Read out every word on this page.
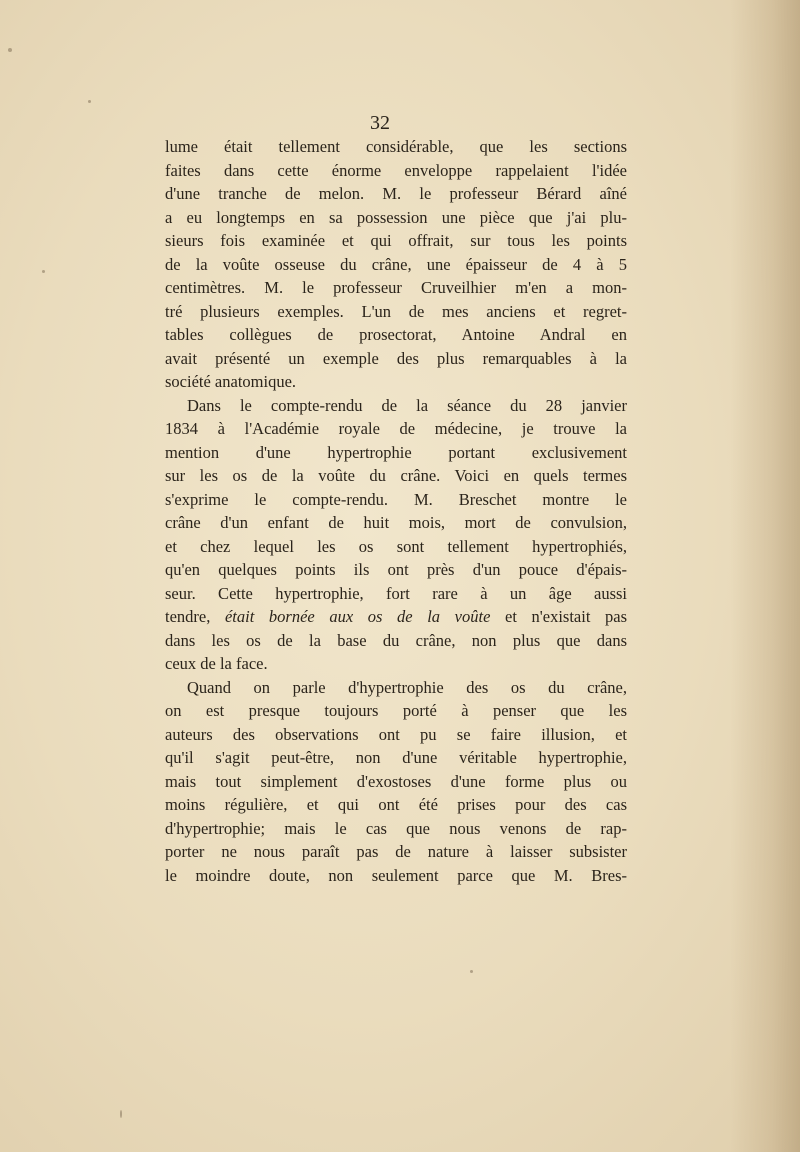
32
lume était tellement considérable, que les sections
faites dans cette énorme enveloppe rappelaient l'idée
d'une tranche de melon. M. le professeur Bérard aîné
a eu longtemps en sa possession une pièce que j'ai plu-
sieurs fois examinée et qui offrait, sur tous les points
de la voûte osseuse du crâne, une épaisseur de 4 à 5
centimètres. M. le professeur Cruveilhier m'en a mon-
tré plusieurs exemples. L'un de mes anciens et regret-
tables collègues de prosectorat, Antoine Andral en
avait présenté un exemple des plus remarquables à la
société anatomique.
Dans le compte-rendu de la séance du 28 janvier
1834 à l'Académie royale de médecine, je trouve la
mention d'une hypertrophie portant exclusivement
sur les os de la voûte du crâne. Voici en quels termes
s'exprime le compte-rendu. M. Breschet montre le
crâne d'un enfant de huit mois, mort de convulsion,
et chez lequel les os sont tellement hypertrophiés,
qu'en quelques points ils ont près d'un pouce d'épais-
seur. Cette hypertrophie, fort rare à un âge aussi
tendre, était bornée aux os de la voûte et n'existait pas
dans les os de la base du crâne, non plus que dans
ceux de la face.
Quand on parle d'hypertrophie des os du crâne,
on est presque toujours porté à penser que les
auteurs des observations ont pu se faire illusion, et
qu'il s'agit peut-être, non d'une véritable hypertrophie,
mais tout simplement d'exostoses d'une forme plus ou
moins régulière, et qui ont été prises pour des cas
d'hypertrophie; mais le cas que nous venons de rap-
porter ne nous paraît pas de nature à laisser subsister
le moindre doute, non seulement parce que M. Bres-
